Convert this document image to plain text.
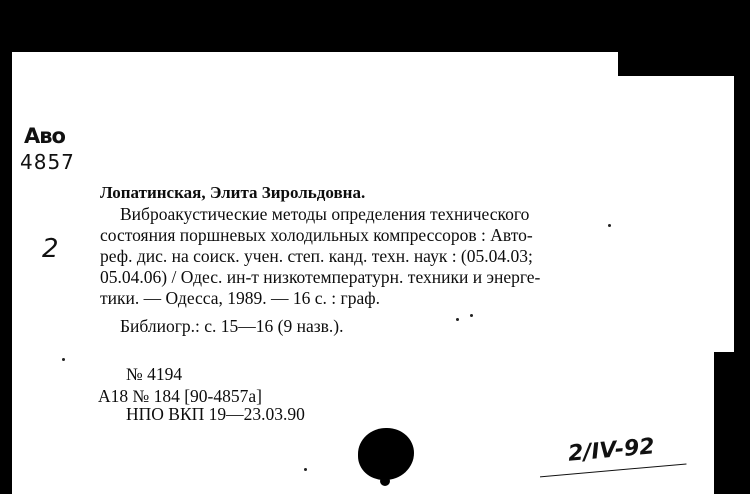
Aво
4857
2
Лопатинская, Элита Зирольдовна.
Виброакустические методы определения технического
состояния поршневых холодильных компрессоров : Авто-
реф. дис. на соиск. учен. степ. канд. техн. наук : (05.04.03;
05.04.06) / Одес. ин-т низкотемпературн. техники и энерге-
тики. — Одесса, 1989. — 16 с. : граф.
Библиогр.: с. 15—16 (9 назв.).
№ 4194
А18 № 184 [90-4857а]
НПО ВКП 19—23.03.90
2/IV-92
